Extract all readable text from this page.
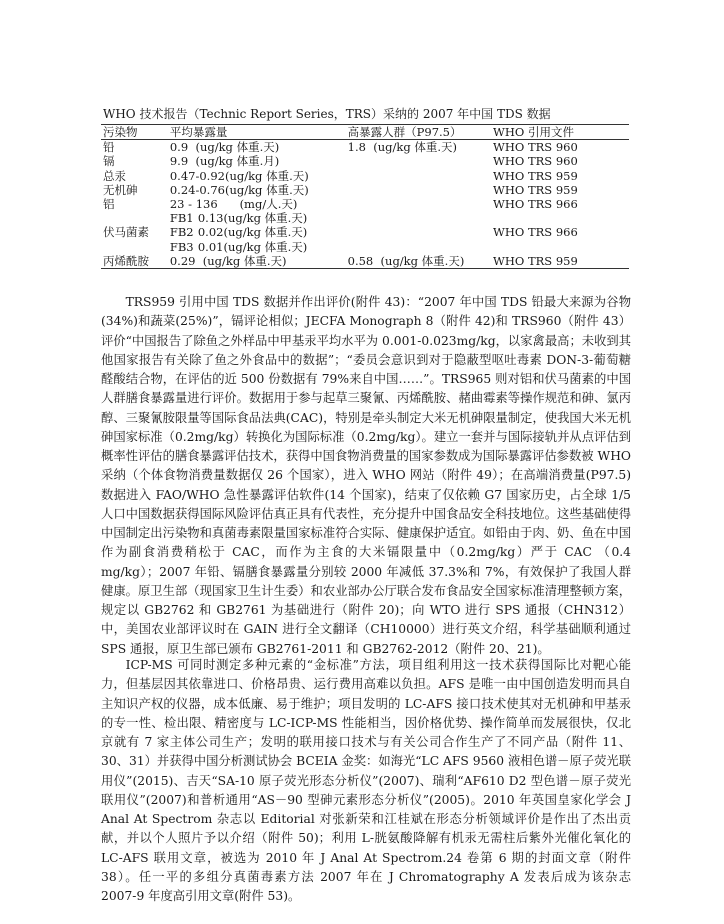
WHO 技术报告（Technic Report Series，TRS）采纳的 2007 年中国 TDS 数据
污染物	平均暴露量	高暴露人群（P97.5）	WHO 引用文件
铅	0.9  (ug/kg 体重.天)	1.8  (ug/kg 体重.天)	WHO TRS 960
镉	9.9  (ug/kg 体重.月)		WHO TRS 960
总汞	0.47-0.92(ug/kg 体重.天)		WHO TRS 959
无机砷	0.24-0.76(ug/kg 体重.天)		WHO TRS 959
铝	23 - 136      (mg/人.天)		WHO TRS 966
	FB1 0.13(ug/kg 体重.天)		
伏马菌素	FB2 0.02(ug/kg 体重.天)		WHO TRS 966
	FB3 0.01(ug/kg 体重.天)		
丙烯酰胺	0.29  (ug/kg 体重.天)	0.58  (ug/kg 体重.天)	WHO TRS 959

TRS959 引用中国 TDS 数据并作出评价(附件 43)：“2007 年中国 TDS 铅最大来源为谷物(34%)和蔬菜(25%)”，镉评论相似；JECFA Monograph 8（附件 42)和 TRS960（附件 43） 评价“中国报告了除鱼之外样品中甲基汞平均水平为 0.001-0.023mg/kg，以家禽最高；未收到其他国家报告有关除了鱼之外食品中的数据”；“委员会意识到对于隐蔽型呕吐毒素 DON-3-葡萄糖醛酸结合物，在评估的近 500 份数据有 79%来自中国……”。TRS965 则对铝和伏马菌素的中国人群膳食暴露量进行评价。数据用于参与起草三聚氰、丙烯酰胺、赭曲霉素等操作规范和砷、氯丙醇、三聚氰胺限量等国际食品法典(CAC)，特别是牵头制定大米无机砷限量制定，使我国大米无机砷国家标准（0.2mg/kg）转换化为国际标准（0.2mg/kg）。建立一套并与国际接轨并从点评估到概率性评估的膳食暴露评估技术，获得中国食物消费量的国家参数成为国际暴露评估参数被 WHO 采纳（个体食物消费量数据仅 26 个国家），进入 WHO 网站（附件 49）；在高端消费量(P97.5)数据进入 FAO/WHO 急性暴露评估软件(14 个国家)，结束了仅依赖 G7 国家历史，占全球 1/5 人口中国数据获得国际风险评估真正具有代表性，充分提升中国食品安全科技地位。这些基础使得中国制定出污染物和真菌毒素限量国家标准符合实际、健康保护适宜。如铅由于肉、奶、鱼在中国作为副食消费稍松于 CAC，而作为主食的大米镉限量中（0.2mg/kg）严于 CAC （0.4 mg/kg）；2007 年铅、镉膳食暴露量分别较 2000 年减低 37.3%和 7%，有效保护了我国人群健康。原卫生部（现国家卫生计生委）和农业部办公厅联合发布食品安全国家标准清理整顿方案，规定以 GB2762 和 GB2761 为基础进行（附件 20)；向 WTO 进行 SPS 通报（CHN312）中，美国农业部评议时在 GAIN 进行全文翻译（CH10000）进行英文介绍，科学基础顺利通过 SPS 通报，原卫生部已颁布 GB2761-2011 和 GB2762-2012（附件 20、21)。

ICP-MS 可同时测定多种元素的“金标准”方法，项目组利用这一技术获得国际比对靶心能力，但基层因其依靠进口、价格昂贵、运行费用高难以负担。AFS 是唯一由中国创造发明而具自主知识产权的仪器，成本低廉、易于维护；项目发明的 LC-AFS 接口技术使其对无机砷和甲基汞的专一性、检出限、精密度与 LC-ICP-MS 性能相当，因价格优势、操作简单而发展很快，仅北京就有 7 家主体公司生产；发明的联用接口技术与有关公司合作生产了不同产品（附件 11、30、31）并获得中国分析测试协会 BCEIA 金奖：如海光“LC AFS 9560 液相色谱－原子荧光联用仪”(2015)、吉天“SA-10 原子荧光形态分析仪”(2007)、瑞利“AF610 D2 型色谱－原子荧光联用仪”(2007)和普析通用“AS－90 型砷元素形态分析仪”(2005)。2010 年英国皇家化学会 J Anal At Spectrom 杂志以 Editorial 对张新荣和江桂斌在形态分析领域评价是作出了杰出贡献，并以个人照片予以介绍（附件 50)；利用 L-胱氨酸降解有机汞无需柱后紫外光催化氧化的 LC-AFS 联用文章，被选为 2010 年 J Anal At Spectrom.24 卷第 6 期的封面文章（附件 38）。任一平的多组分真菌毒素方法 2007 年在 J Chromatography A 发表后成为该杂志 2007-9 年度高引用文章(附件 53)。
